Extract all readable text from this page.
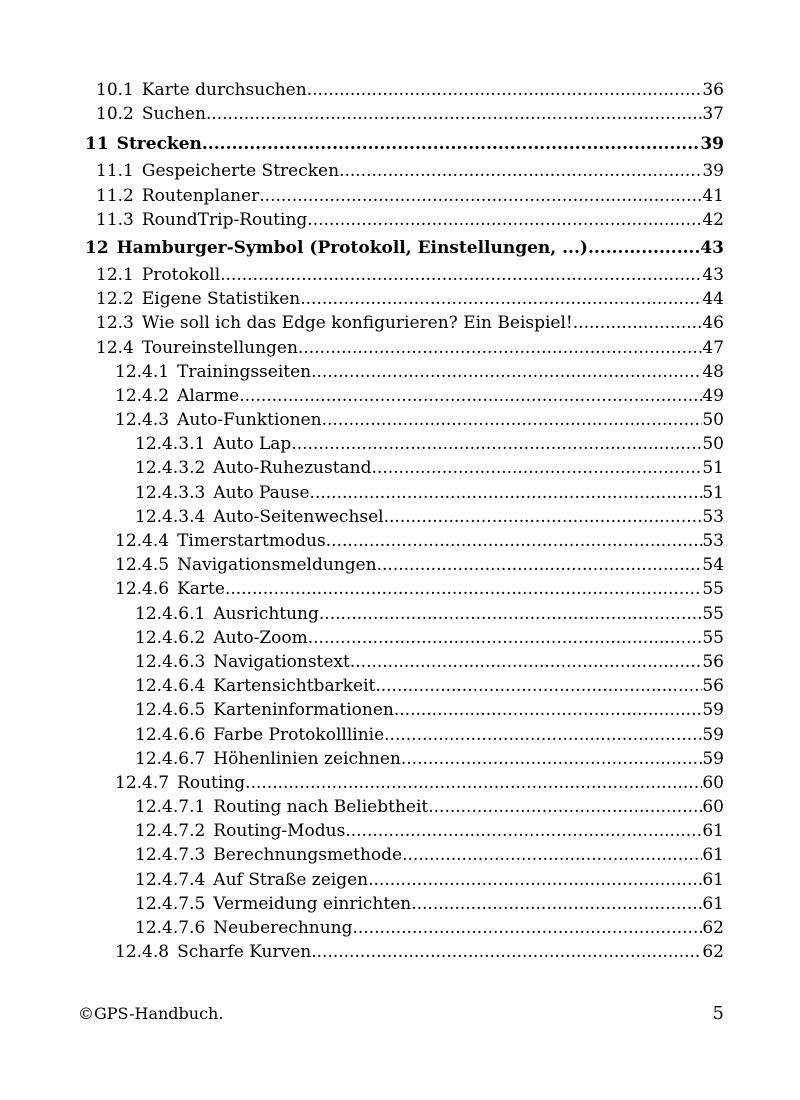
10.1 Karte durchsuchen .....	36
10.2 Suchen .....	37
11 Strecken .....	39
11.1 Gespeicherte Strecken .....	39
11.2 Routenplaner .....	41
11.3 RoundTrip-Routing .....	42
12 Hamburger-Symbol (Protokoll, Einstellungen, ...) .....	43
12.1 Protokoll .....	43
12.2 Eigene Statistiken .....	44
12.3 Wie soll ich das Edge konfigurieren? Ein Beispiel! .....	46
12.4 Toureinstellungen .....	47
12.4.1 Trainingsseiten .....	48
12.4.2 Alarme .....	49
12.4.3 Auto-Funktionen .....	50
12.4.3.1 Auto Lap .....	50
12.4.3.2 Auto-Ruhezustand .....	51
12.4.3.3 Auto Pause .....	51
12.4.3.4 Auto-Seitenwechsel .....	53
12.4.4 Timerstartmodus .....	53
12.4.5 Navigationsmeldungen .....	54
12.4.6 Karte .....	55
12.4.6.1 Ausrichtung .....	55
12.4.6.2 Auto-Zoom .....	55
12.4.6.3 Navigationstext .....	56
12.4.6.4 Kartensichtbarkeit .....	56
12.4.6.5 Karteninformationen .....	59
12.4.6.6 Farbe Protokolllinie .....	59
12.4.6.7 Höhenlinien zeichnen .....	59
12.4.7 Routing .....	60
12.4.7.1 Routing nach Beliebtheit .....	60
12.4.7.2 Routing-Modus .....	61
12.4.7.3 Berechnungsmethode .....	61
12.4.7.4 Auf Straße zeigen .....	61
12.4.7.5 Vermeidung einrichten .....	61
12.4.7.6 Neuberechnung .....	62
12.4.8 Scharfe Kurven .....	62
©GPS-Handbuch.	5
